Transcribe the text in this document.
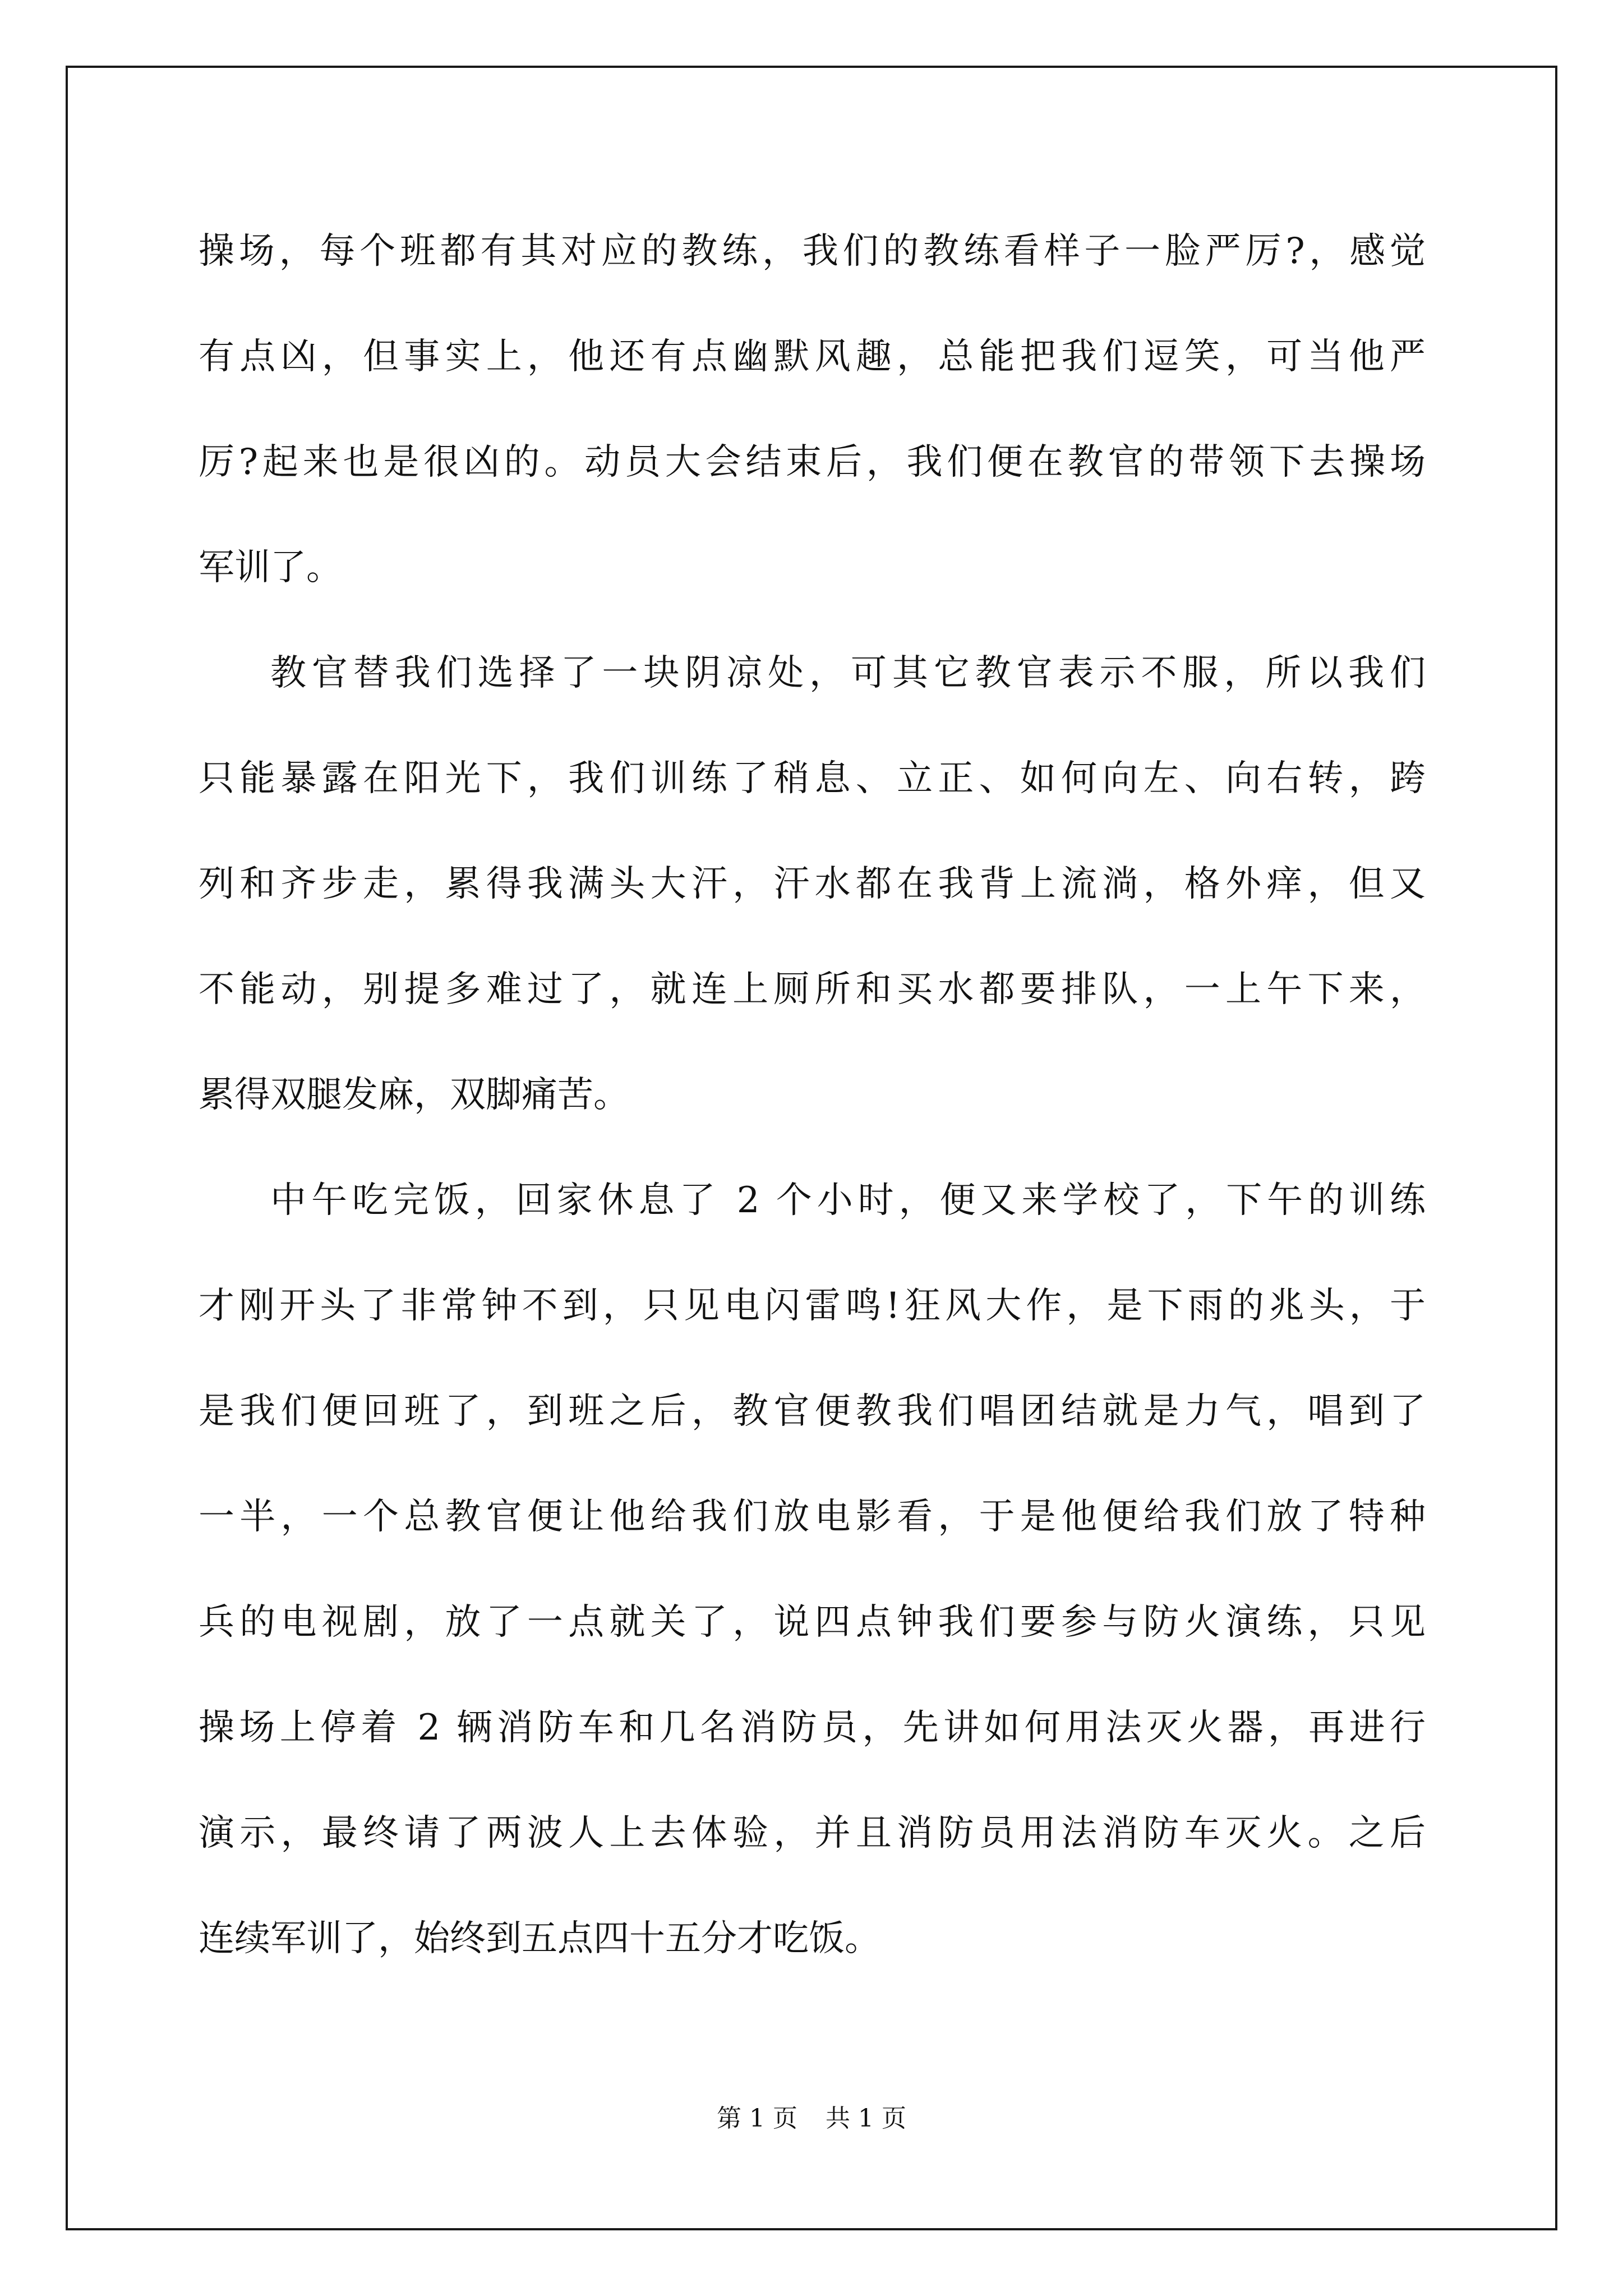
操场，每个班都有其对应的教练，我们的教练看样子一脸严厉?，感觉
有点凶，但事实上，他还有点幽默风趣，总能把我们逗笑，可当他严
厉?起来也是很凶的。动员大会结束后，我们便在教官的带领下去操场
军训了。
教官替我们选择了一块阴凉处，可其它教官表示不服，所以我们
只能暴露在阳光下，我们训练了稍息、立正、如何向左、向右转，跨
列和齐步走，累得我满头大汗，汗水都在我背上流淌，格外痒，但又
不能动，别提多难过了，就连上厕所和买水都要排队，一上午下来，
累得双腿发麻，双脚痛苦。
中午吃完饭，回家休息了 2 个小时，便又来学校了，下午的训练
才刚开头了非常钟不到，只见电闪雷鸣!狂风大作，是下雨的兆头，于
是我们便回班了，到班之后，教官便教我们唱团结就是力气，唱到了
一半，一个总教官便让他给我们放电影看，于是他便给我们放了特种
兵的电视剧，放了一点就关了，说四点钟我们要参与防火演练，只见
操场上停着 2 辆消防车和几名消防员，先讲如何用法灭火器，再进行
演示，最终请了两波人上去体验，并且消防员用法消防车灭火。之后
连续军训了，始终到五点四十五分才吃饭。
第 1 页 共 1 页
